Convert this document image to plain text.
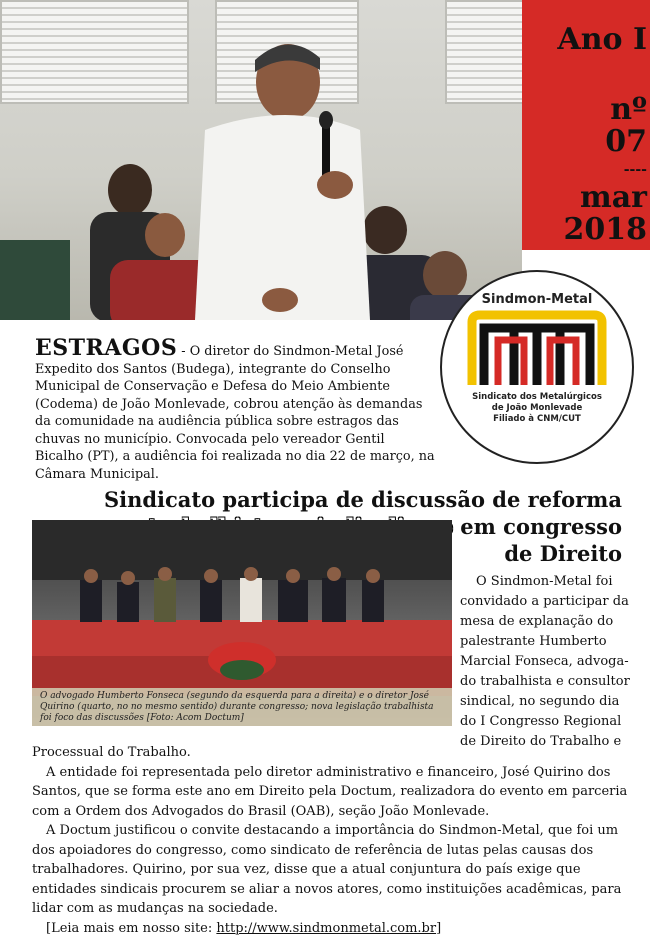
Ano I
nº
07
----
mar
2018
Sindmon-Metal
Sindicato dos Metalúrgicos
de João Monlevade
Filiado à CNM/CUT
ESTRAGOS - O diretor do Sindmon-Metal José Expedito dos Santos (Budega), integrante do Conselho Municipal de Conservação e Defesa do Meio Ambiente (Codema) de João Monlevade, cobrou atenção às demandas da comunidade na audiência pública sobre estragos das chuvas no município. Convocada pelo vereador Gentil Bicalho (PT), a audiência foi realizada no dia 22 de março, na Câmara Municipal.
Sindicato participa de discussão de reforma
em congresso
de Direito
O advogado Humberto Fonseca (segundo da esquerda para a direita) e o diretor José Quirino (quarto, no no mesmo sentido) durante congresso; nova legislação trabalhista foi foco das discussões [Foto: Acom Doctum]
O Sindmon-Metal foi convidado a participar da mesa de explanação do palestrante Humberto Marcial Fonseca, advoga-do trabalhista e consultor sindical, no segundo dia do I Congresso Regional de Direito do Trabalho e

Processual do Trabalho.

A entidade foi representada pelo diretor administrativo e financeiro, José Quirino dos Santos, que se forma este ano em Direito pela Doctum, realizadora do evento em parceria com a Ordem dos Advogados do Brasil (OAB), seção João Monlevade.

A Doctum justificou o convite destacando a importância do Sindmon-Metal, que foi um dos apoiadores do congresso, como sindicato de referência de lutas pelas causas dos trabalhadores. Quirino, por sua vez, disse que a atual conjuntura do país exige que entidades sindicais procurem se aliar a novos atores, como instituições acadêmicas, para lidar com as mudanças na sociedade.

[Leia mais em nosso site: http://www.sindmonmetal.com.br]
